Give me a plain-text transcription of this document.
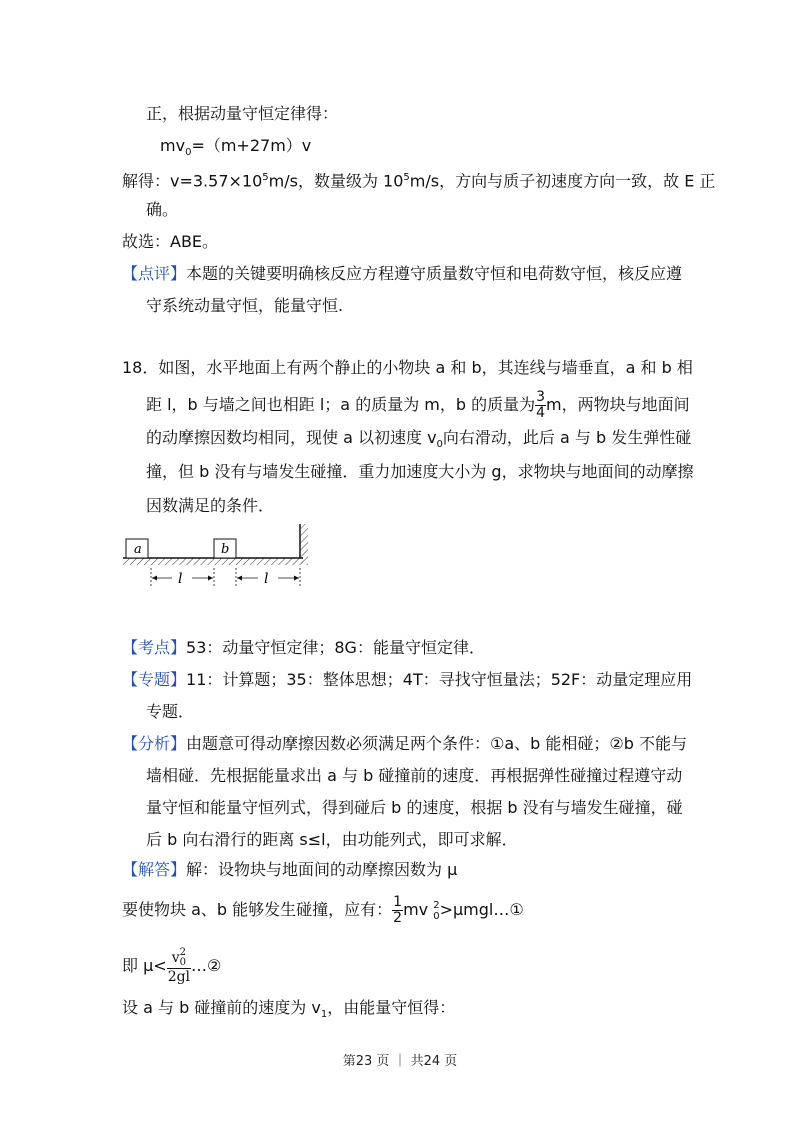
正，根据动量守恒定律得：
$mv_0=(m+27m)v$
解得：$v=3.57\times 10^5m/s$，数量级为 $10^5m/s$，方向与质子初速度方向一致，故 E 正
确。
故选：ABE。
【点评】本题的关键要明确核反应方程遵守质量数守恒和电荷数守恒，核反应遵
守系统动量守恒，能量守恒.
18．如图，水平地面上有两个静止的小物块 a 和 b，其连线与墙垂直，a 和 b 相
距 l，b 与墙之间也相距 l；a 的质量为 m，b 的质量为 $\frac{3}{4}$ m，两物块与地面间
的动摩擦因数均相同，现使 a 以初速度 $v_0$向右滑动，此后 a 与 b 发生弹性碰
撞，但 b 没有与墙发生碰撞．重力加速度大小为 g，求物块与地面间的动摩擦
因数满足的条件．
a	b
l	l
【考点】53：动量守恒定律；8G：能量守恒定律．
【专题】11：计算题；35：整体思想；4T：寻找守恒量法；52F：动量定理应用
专题．
【分析】由题意可得动摩擦因数必须满足两个条件：①a、b 能相碰；②b 不能与
墙相碰．先根据能量求出 a 与 b 碰撞前的速度．再根据弹性碰撞过程遵守动
量守恒和能量守恒列式，得到碰后 b 的速度，根据 b 没有与墙发生碰撞，碰
后 b 向右滑行的距离 s≤l，由功能列式，即可求解．
【解答】解：设物块与地面间的动摩擦因数为 μ
要使物块 a、b 能够发生碰撞，应有： $\frac{1}{2}$ mv 2
0 >μmgl…①
即 μ< v 2
0
2gl …②
设 a 与 b 碰撞前的速度为 $v_1$，由能量守恒得：
第23 页 ｜ 共24 页
